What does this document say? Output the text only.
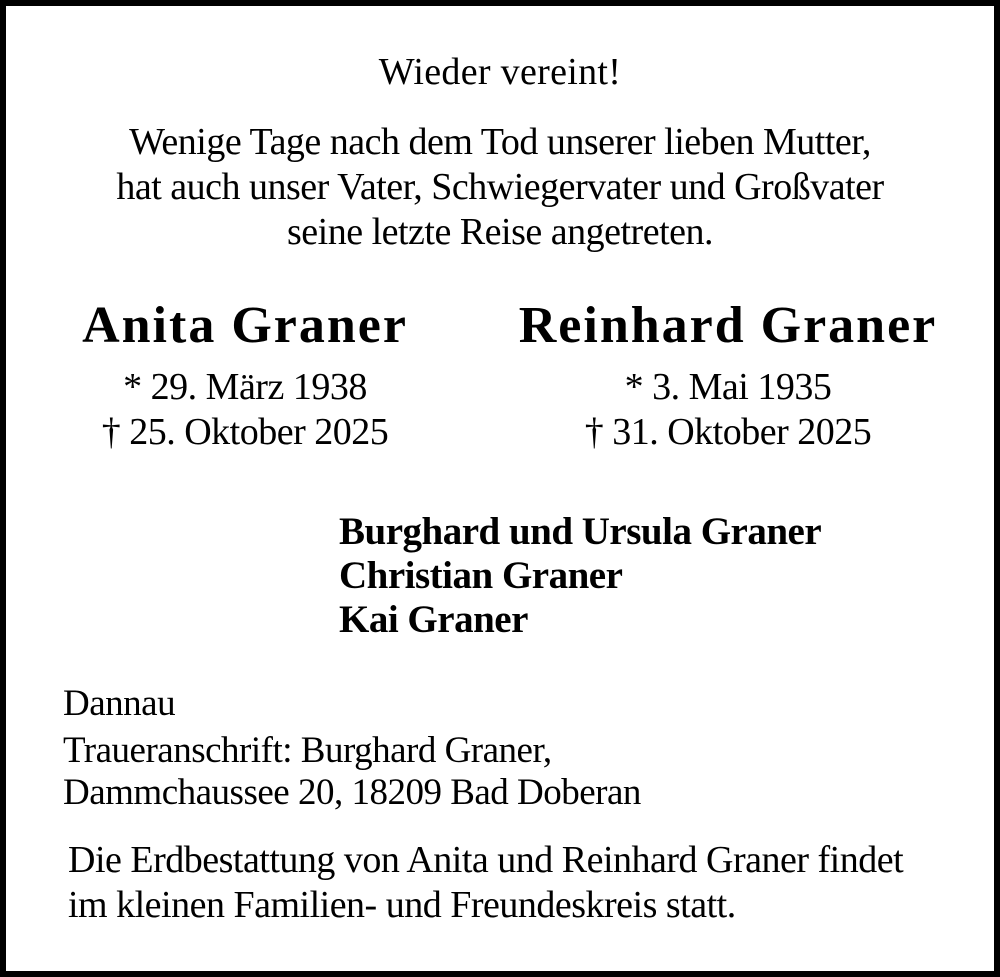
Wieder vereint!
Wenige Tage nach dem Tod unserer lieben Mutter,
hat auch unser Vater, Schwiegervater und Großvater
seine letzte Reise angetreten.
Anita Graner
* 29. März 1938
† 25. Oktober 2025
Reinhard Graner
* 3. Mai 1935
† 31. Oktober 2025
Burghard und Ursula Graner
Christian Graner
Kai Graner
Dannau
Traueranschrift: Burghard Graner,
Dammchaussee 20, 18209 Bad Doberan
Die Erdbestattung von Anita und Reinhard Graner findet
im kleinen Familien- und Freundeskreis statt.
